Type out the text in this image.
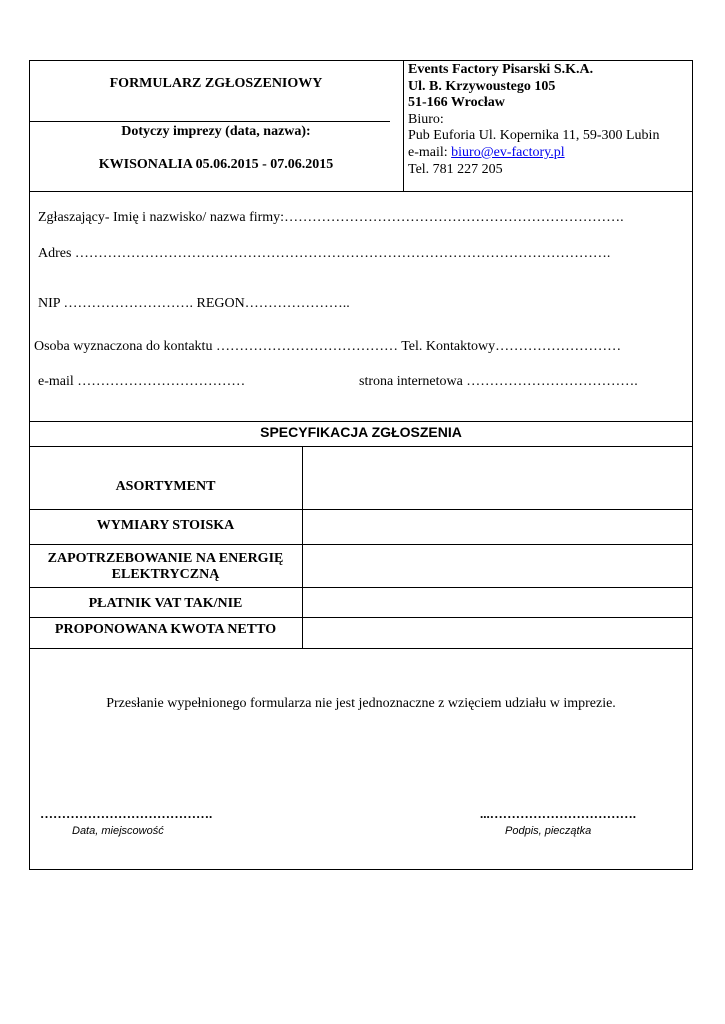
FORMULARZ ZGŁOSZENIOWY
Dotyczy imprezy (data, nazwa):
KWISONALIA 05.06.2015 - 07.06.2015
Events Factory Pisarski S.K.A.
Ul. B. Krzywoustego 105
51-166 Wrocław
Biuro:
Pub Euforia Ul. Kopernika 11, 59-300 Lubin
e-mail: biuro@ev-factory.pl
Tel. 781 227 205
Zgłaszający- Imię i nazwisko/ nazwa firmy:……………………………………………………………….
Adres …………………………………………………………………………………………………….
NIP ………………………. REGON…………………..
Osoba wyznaczona do kontaktu ………………………………… Tel. Kontaktowy………………………
e-mail ………………………………	strona internetowa ……………………………….
SPECYFIKACJA ZGŁOSZENIA
ASORTYMENT
WYMIARY STOISKA
ZAPOTRZEBOWANIE NA ENERGIĘ ELEKTRYCZNĄ
PŁATNIK VAT TAK/NIE
PROPONOWANA KWOTA NETTO
Przesłanie wypełnionego formularza nie jest jednoznaczne z wzięciem udziału w imprezie.
………………………………….
Data, miejscowość
...…………………………….
Podpis, pieczątka
